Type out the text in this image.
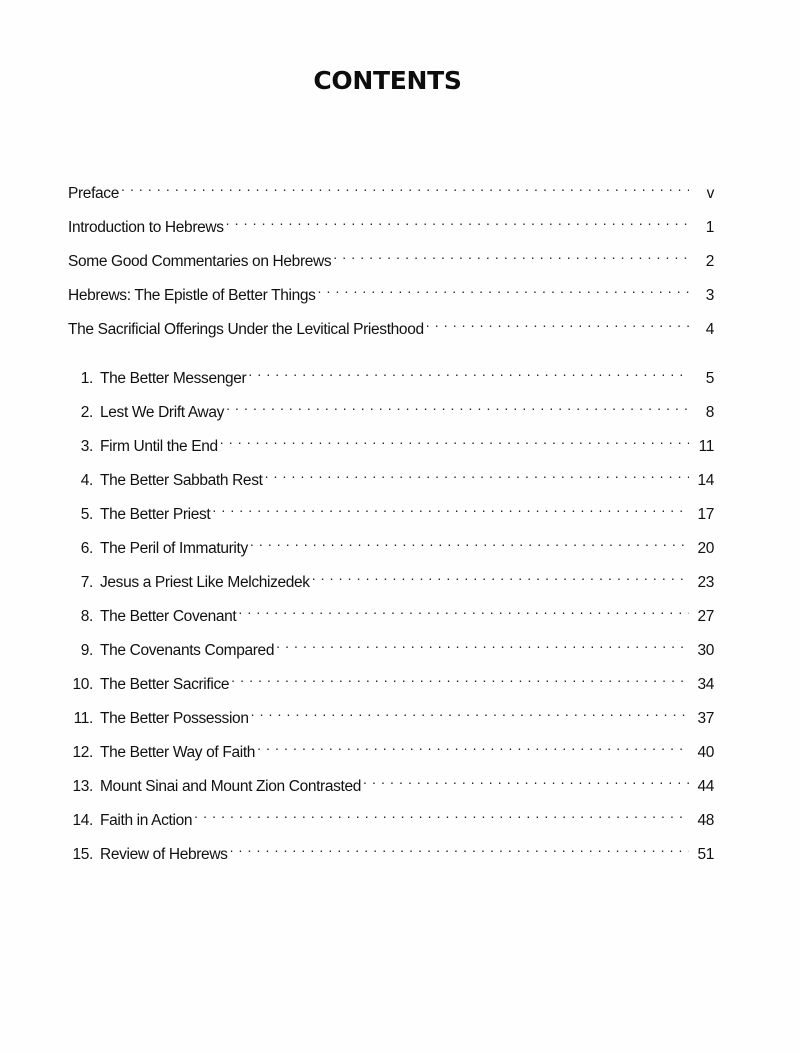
CONTENTS
Preface . . .	v
Introduction to Hebrews . . .	1
Some Good Commentaries on Hebrews . . .	2
Hebrews: The Epistle of Better Things . . .	3
The Sacrificial Offerings Under the Levitical Priesthood . . .	4
1. The Better Messenger . . .	5
2. Lest We Drift Away . . .	8
3. Firm Until the End . . .	11
4. The Better Sabbath Rest . . .	14
5. The Better Priest . . .	17
6. The Peril of Immaturity . . .	20
7. Jesus a Priest Like Melchizedek . . .	23
8. The Better Covenant . . .	27
9. The Covenants Compared . . .	30
10. The Better Sacrifice . . .	34
11. The Better Possession . . .	37
12. The Better Way of Faith . . .	40
13. Mount Sinai and Mount Zion Contrasted . . .	44
14. Faith in Action . . .	48
15. Review of Hebrews . . .	51
